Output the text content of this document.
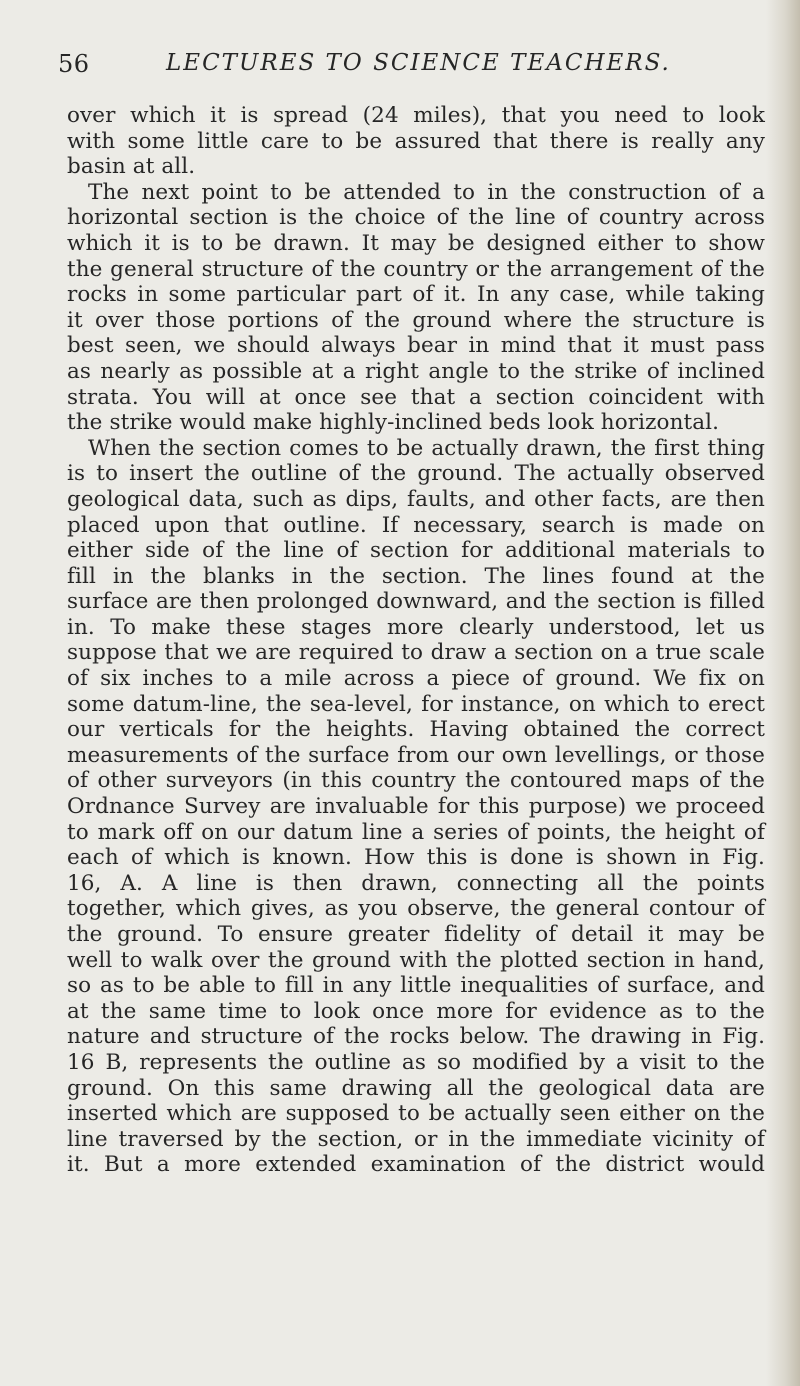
56	LECTURES TO SCIENCE TEACHERS.
over which it is spread (24 miles), that you need to look
with some little care to be assured that there is really any
basin at all.
The next point to be attended to in the construction of a
horizontal section is the choice of the line of country across
which it is to be drawn. It may be designed either to show
the general structure of the country or the arrangement of the
rocks in some particular part of it. In any case, while taking
it over those portions of the ground where the structure is
best seen, we should always bear in mind that it must pass
as nearly as possible at a right angle to the strike of inclined
strata. You will at once see that a section coincident with
the strike would make highly-inclined beds look horizontal.
When the section comes to be actually drawn, the first thing
is to insert the outline of the ground. The actually observed
geological data, such as dips, faults, and other facts, are then
placed upon that outline. If necessary, search is made on
either side of the line of section for additional materials to
fill in the blanks in the section. The lines found at the
surface are then prolonged downward, and the section is filled
in. To make these stages more clearly understood, let us
suppose that we are required to draw a section on a true scale
of six inches to a mile across a piece of ground. We fix on
some datum-line, the sea-level, for instance, on which to erect
our verticals for the heights. Having obtained the correct
measurements of the surface from our own levellings, or those
of other surveyors (in this country the contoured maps of the
Ordnance Survey are invaluable for this purpose) we proceed
to mark off on our datum line a series of points, the height of
each of which is known. How this is done is shown in Fig.
16, A. A line is then drawn, connecting all the points
together, which gives, as you observe, the general contour of
the ground. To ensure greater fidelity of detail it may be
well to walk over the ground with the plotted section in hand,
so as to be able to fill in any little inequalities of surface, and
at the same time to look once more for evidence as to the
nature and structure of the rocks below. The drawing in Fig.
16 B, represents the outline as so modified by a visit to the
ground. On this same drawing all the geological data are
inserted which are supposed to be actually seen either on the
line traversed by the section, or in the immediate vicinity of
it. But a more extended examination of the district would
